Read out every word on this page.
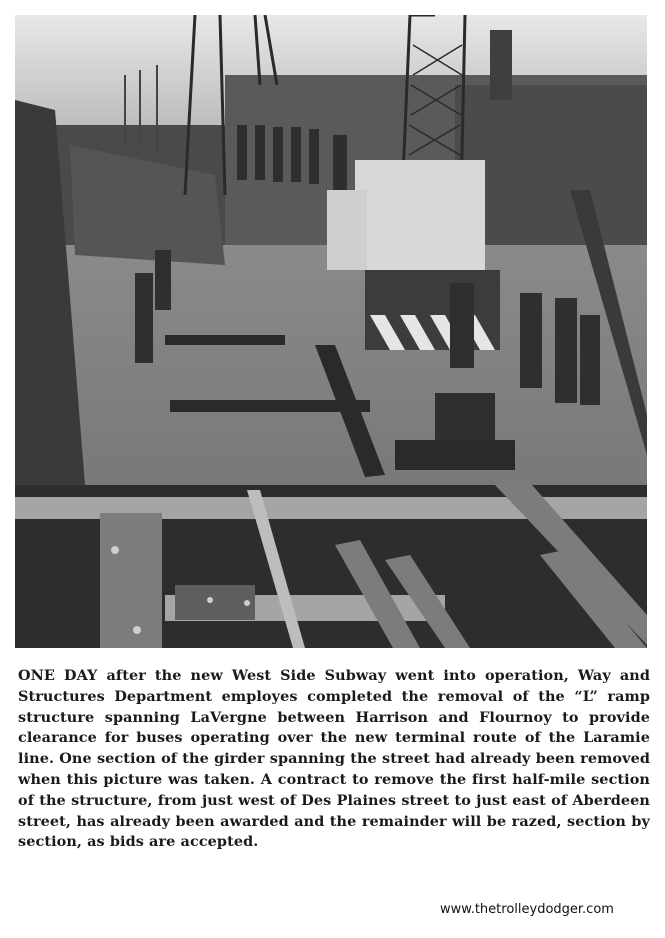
ONE DAY after the new West Side Subway went into operation, Way and Structures Department employes completed the removal of the “L” ramp structure spanning LaVergne between Harrison and Flournoy to provide clearance for buses operating over the new terminal route of the Laramie line. One section of the girder spanning the street had already been removed when this picture was taken. A contract to remove the first half-mile section of the structure, from just west of Des Plaines street to just east of Aberdeen street, has already been awarded and the remainder will be razed, section by section, as bids are accepted.

www.thetrolleydodger.com
